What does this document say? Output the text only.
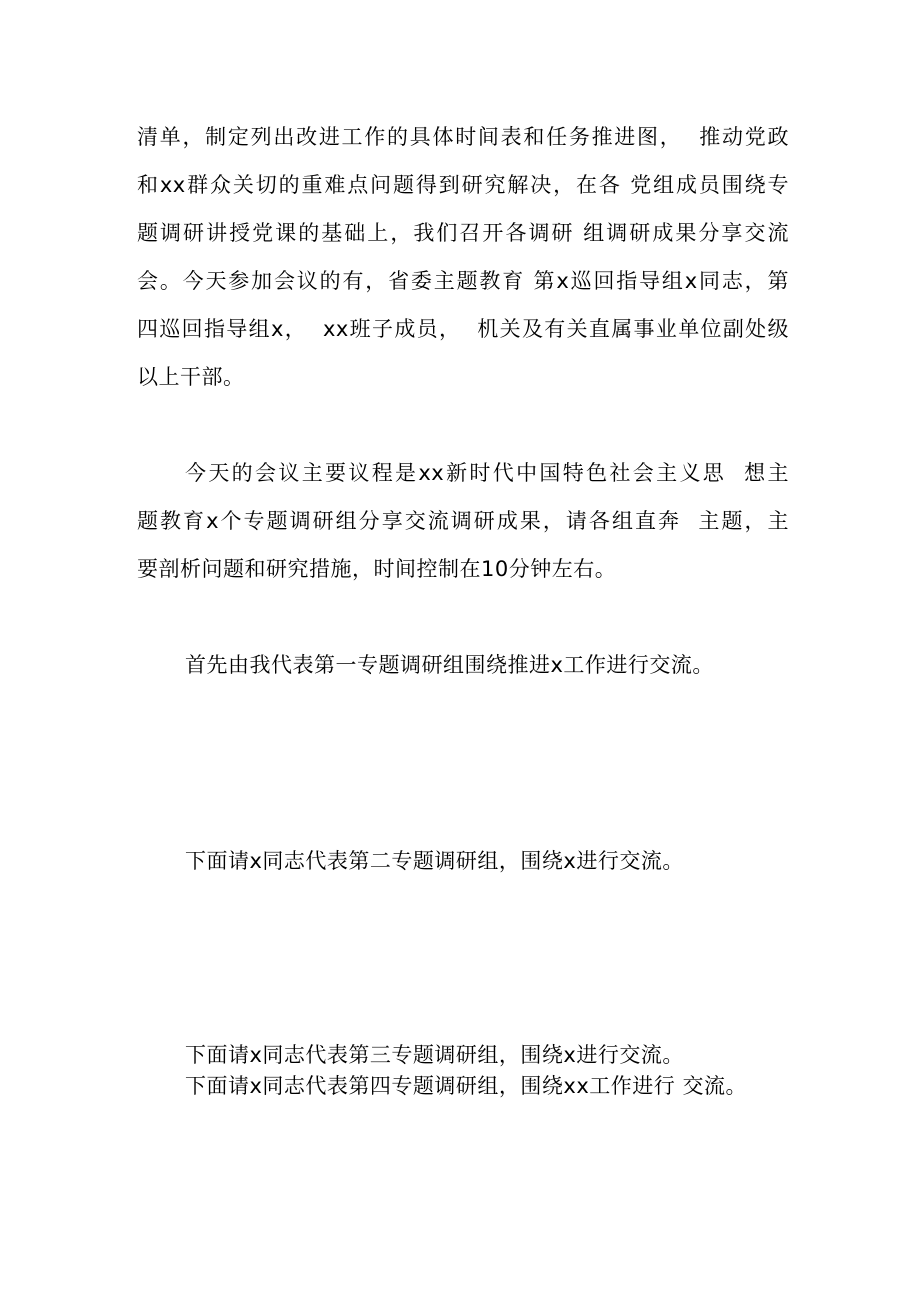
清单，制定列出改进工作的具体时间表和任务推进图，  推动党政
和xx群众关切的重难点问题得到研究解决，在各 党组成员围绕专
题调研讲授党课的基础上，我们召开各调研 组调研成果分享交流
会。今天参加会议的有，省委主题教育 第x巡回指导组x同志，第
四巡回指导组x，  xx班子成员，  机关及有关直属事业单位副处级
以上干部。
今天的会议主要议程是xx新时代中国特色社会主义思  想主
题教育x个专题调研组分享交流调研成果，请各组直奔  主题，主
要剖析问题和研究措施，时间控制在10分钟左右。
首先由我代表第一专题调研组围绕推进x工作进行交流。
下面请x同志代表第二专题调研组，围绕x进行交流。
下面请x同志代表第三专题调研组，围绕x进行交流。
下面请x同志代表第四专题调研组，围绕xx工作进行 交流。
